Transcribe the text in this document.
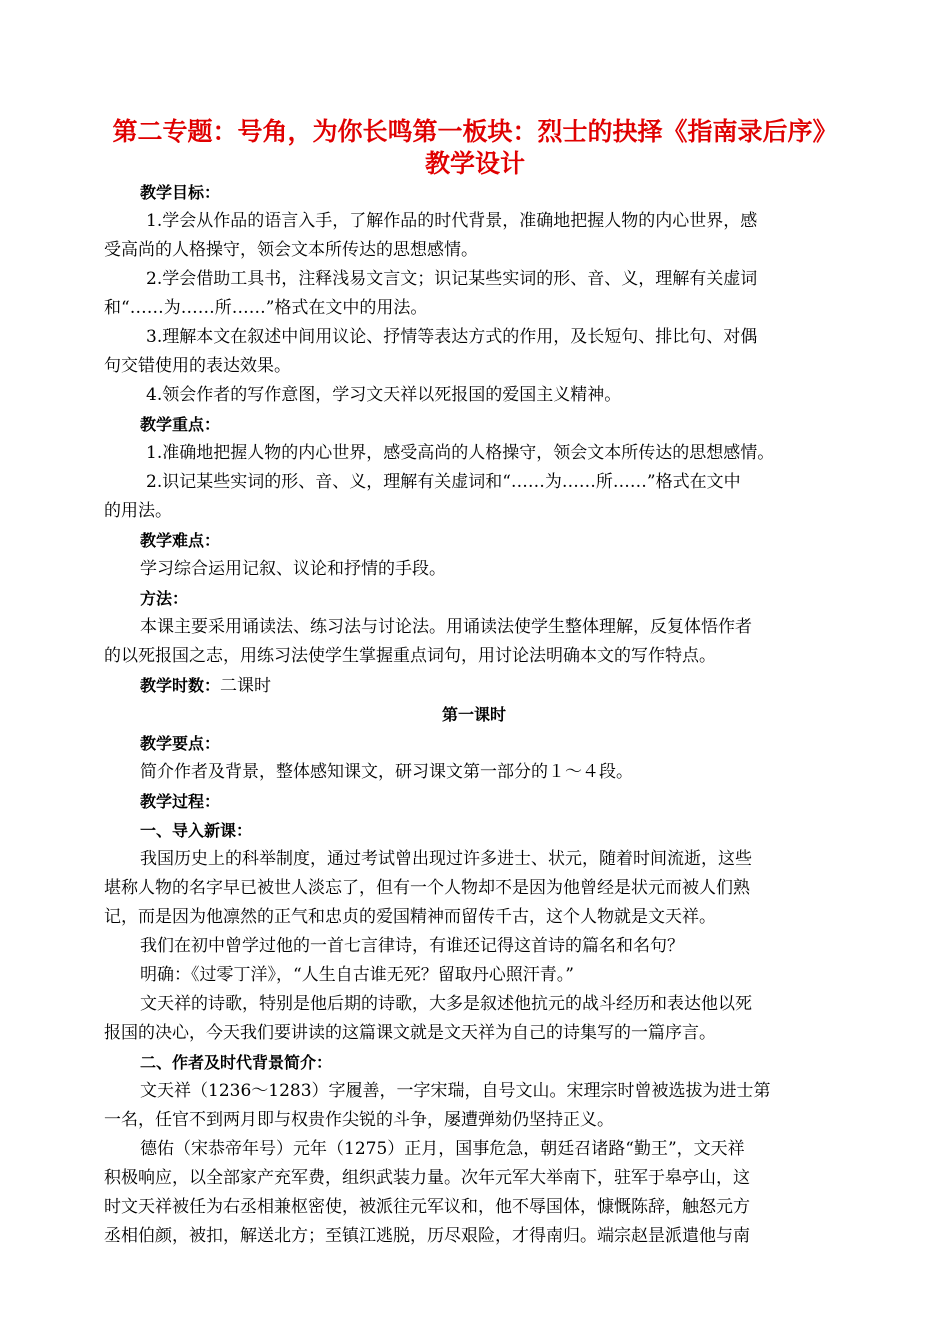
第二专题：号角，为你长鸣第一板块：烈士的抉择《指南录后序》
教学设计
教学目标：
1.学会从作品的语言入手，了解作品的时代背景，准确地把握人物的内心世界，感
受高尚的人格操守，领会文本所传达的思想感情。
2.学会借助工具书，注释浅易文言文；识记某些实词的形、音、义，理解有关虚词
和“……为……所……”格式在文中的用法。
3.理解本文在叙述中间用议论、抒情等表达方式的作用，及长短句、排比句、对偶
句交错使用的表达效果。
4.领会作者的写作意图，学习文天祥以死报国的爱国主义精神。
教学重点：
1.准确地把握人物的内心世界，感受高尚的人格操守，领会文本所传达的思想感情。
2.识记某些实词的形、音、义，理解有关虚词和“……为……所……”格式在文中
的用法。
教学难点：
学习综合运用记叙、议论和抒情的手段。
方法：
本课主要采用诵读法、练习法与讨论法。用诵读法使学生整体理解，反复体悟作者
的以死报国之志，用练习法使学生掌握重点词句，用讨论法明确本文的写作特点。
教学时数：二课时
第一课时
教学要点：
简介作者及背景，整体感知课文，研习课文第一部分的１～４段。
教学过程：
一、导入新课：
我国历史上的科举制度，通过考试曾出现过许多进士、状元，随着时间流逝，这些
堪称人物的名字早已被世人淡忘了，但有一个人物却不是因为他曾经是状元而被人们熟
记，而是因为他凛然的正气和忠贞的爱国精神而留传千古，这个人物就是文天祥。
我们在初中曾学过他的一首七言律诗，有谁还记得这首诗的篇名和名句？
明确：《过零丁洋》，“人生自古谁无死？留取丹心照汗青。”
文天祥的诗歌，特别是他后期的诗歌，大多是叙述他抗元的战斗经历和表达他以死
报国的决心，今天我们要讲读的这篇课文就是文天祥为自己的诗集写的一篇序言。
二、作者及时代背景简介：
文天祥（1236～1283）字履善，一字宋瑞，自号文山。宋理宗时曾被选拔为进士第
一名，任官不到两月即与权贵作尖锐的斗争，屡遭弹劾仍坚持正义。
德佑（宋恭帝年号）元年（1275）正月，国事危急，朝廷召诸路“勤王”，文天祥
积极响应，以全部家产充军费，组织武装力量。次年元军大举南下，驻军于皋亭山，这
时文天祥被任为右丞相兼枢密使，被派往元军议和，他不辱国体，慷慨陈辞，触怒元方
丞相伯颜，被扣，解送北方；至镇江逃脱，历尽艰险，才得南归。端宗赵昰派遣他与南
